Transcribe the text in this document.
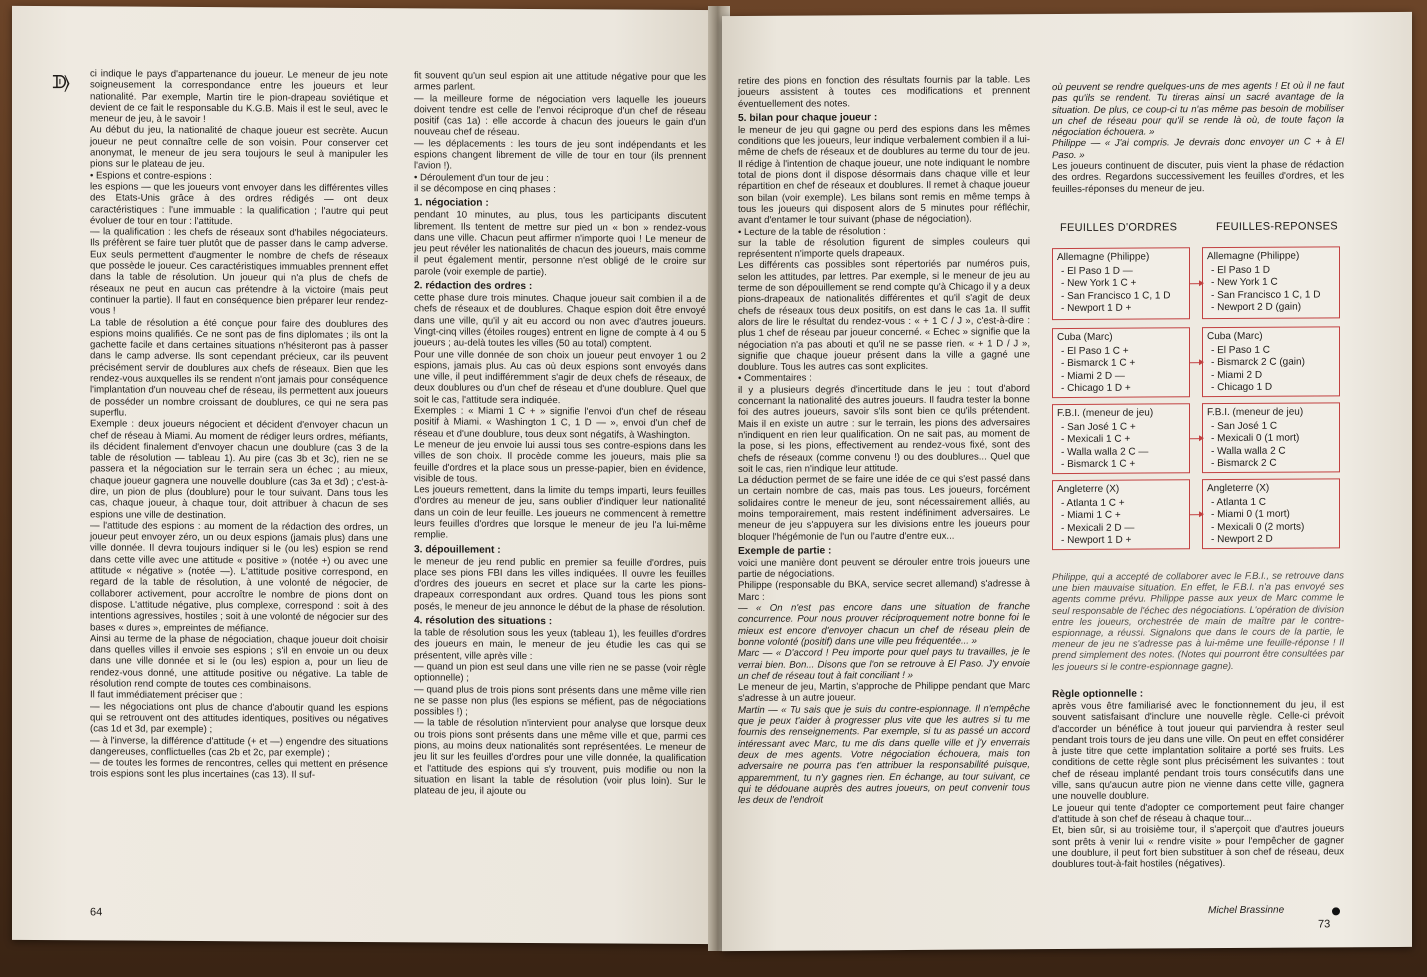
ᗫ⟩ ci indique le pays d'appartenance du joueur. Le meneur de jeu note soigneusement la correspondance entre les joueurs et leur nationalité. Par exemple, Martin tire le pion-drapeau soviétique et devient de ce fait le responsable du K.G.B. Mais il est le seul, avec le meneur de jeu, à le savoir !

Au début du jeu, la nationalité de chaque joueur est secrète. Aucun joueur ne peut connaître celle de son voisin. Pour conserver cet anonymat, le meneur de jeu sera toujours le seul à manipuler les pions sur le plateau de jeu.

• Espions et contre-espions :

les espions — que les joueurs vont envoyer dans les différentes villes des Etats-Unis grâce à des ordres rédigés — ont deux caractéristiques : l'une immuable : la qualification ; l'autre qui peut évoluer de tour en tour : l'attitude.

— la qualification : les chefs de réseaux sont d'habiles négociateurs. Ils préfèrent se faire tuer plutôt que de passer dans le camp adverse. Eux seuls permettent d'augmenter le nombre de chefs de réseaux que possède le joueur. Ces caractéristiques immuables prennent effet dans la table de résolution. Un joueur qui n'a plus de chefs de réseaux ne peut en aucun cas prétendre à la victoire (mais peut continuer la partie). Il faut en conséquence bien préparer leur rendez-vous !

La table de résolution a été conçue pour faire des doublures des espions moins qualifiés. Ce ne sont pas de fins diplomates ; ils ont la gachette facile et dans certaines situations n'hésiteront pas à passer dans le camp adverse. Ils sont cependant précieux, car ils peuvent précisément servir de doublures aux chefs de réseaux. Bien que les rendez-vous auxquelles ils se rendent n'ont jamais pour conséquence l'implantation d'un nouveau chef de réseau, ils permettent aux joueurs de posséder un nombre croissant de doublures, ce qui ne sera pas superflu.

Exemple : deux joueurs négocient et décident d'envoyer chacun un chef de réseau à Miami. Au moment de rédiger leurs ordres, méfiants, ils décident finalement d'envoyer chacun une doublure (cas 3 de la table de résolution — tableau 1). Au pire (cas 3b et 3c), rien ne se passera et la négociation sur le terrain sera un échec ; au mieux, chaque joueur gagnera une nouvelle doublure (cas 3a et 3d) ; c'est-à-dire, un pion de plus (doublure) pour le tour suivant. Dans tous les cas, chaque joueur, à chaque tour, doit attribuer à chacun de ses espions une ville de destination.

— l'attitude des espions : au moment de la rédaction des ordres, un joueur peut envoyer zéro, un ou deux espions (jamais plus) dans une ville donnée. Il devra toujours indiquer si le (ou les) espion se rend dans cette ville avec une attitude « positive » (notée +) ou avec une attitude « négative » (notée —). L'attitude positive correspond, en regard de la table de résolution, à une volonté de négocier, de collaborer activement, pour accroître le nombre de pions dont on dispose. L'attitude négative, plus complexe, correspond : soit à des intentions agressives, hostiles ; soit à une volonté de négocier sur des bases « dures », empreintes de méfiance.

Ainsi au terme de la phase de négociation, chaque joueur doit choisir dans quelles villes il envoie ses espions ; s'il en envoie un ou deux dans une ville donnée et si le (ou les) espion a, pour un lieu de rendez-vous donné, une attitude positive ou négative. La table de résolution rend compte de toutes ces combinaisons.

Il faut immédiatement préciser que :

— les négociations ont plus de chance d'aboutir quand les espions qui se retrouvent ont des attitudes identiques, positives ou négatives (cas 1d et 3d, par exemple) ;

— à l'inverse, la différence d'attitude (+ et —) engendre des situations dangereuses, conflictuelles (cas 2b et 2c, par exemple) ;

— de toutes les formes de rencontres, celles qui mettent en présence trois espions sont les plus incertaines (cas 13). Il suf-

fit souvent qu'un seul espion ait une attitude négative pour que les armes parlent.

— la meilleure forme de négociation vers laquelle les joueurs doivent tendre est celle de l'envoi réciproque d'un chef de réseau positif (cas 1a) : elle accorde à chacun des joueurs le gain d'un nouveau chef de réseau.

— les déplacements : les tours de jeu sont indépendants et les espions changent librement de ville de tour en tour (ils prennent l'avion !).

• Déroulement d'un tour de jeu :

il se décompose en cinq phases :

1. négociation :

pendant 10 minutes, au plus, tous les participants discutent librement. Ils tentent de mettre sur pied un « bon » rendez-vous dans une ville. Chacun peut affirmer n'importe quoi ! Le meneur de jeu peut révéler les nationalités de chacun des joueurs, mais comme il peut également mentir, personne n'est obligé de le croire sur parole (voir exemple de partie).

2. rédaction des ordres :

cette phase dure trois minutes. Chaque joueur sait combien il a de chefs de réseaux et de doublures. Chaque espion doit être envoyé dans une ville, qu'il y ait eu accord ou non avec d'autres joueurs. Vingt-cinq villes (étoiles rouges) entrent en ligne de compte à 4 ou 5 joueurs ; au-delà toutes les villes (50 au total) comptent.

Pour une ville donnée de son choix un joueur peut envoyer 1 ou 2 espions, jamais plus. Au cas où deux espions sont envoyés dans une ville, il peut indifféremment s'agir de deux chefs de réseaux, de deux doublures ou d'un chef de réseau et d'une doublure. Quel que soit le cas, l'attitude sera indiquée.

Exemples : « Miami 1 C + » signifie l'envoi d'un chef de réseau positif à Miami. « Washington 1 C, 1 D — », envoi d'un chef de réseau et d'une doublure, tous deux sont négatifs, à Washington.

Le meneur de jeu envoie lui aussi tous ses contre-espions dans les villes de son choix. Il procède comme les joueurs, mais plie sa feuille d'ordres et la place sous un presse-papier, bien en évidence, visible de tous.

Les joueurs remettent, dans la limite du temps imparti, leurs feuilles d'ordres au meneur de jeu, sans oublier d'indiquer leur nationalité dans un coin de leur feuille. Les joueurs ne commencent à remettre leurs feuilles d'ordres que lorsque le meneur de jeu l'a lui-même remplie.

3. dépouillement :

le meneur de jeu rend public en premier sa feuille d'ordres, puis place ses pions FBI dans les villes indiquées. Il ouvre les feuilles d'ordres des joueurs en secret et place sur la carte les pions-drapeaux correspondant aux ordres. Quand tous les pions sont posés, le meneur de jeu annonce le début de la phase de résolution.

4. résolution des situations :

la table de résolution sous les yeux (tableau 1), les feuilles d'ordres des joueurs en main, le meneur de jeu étudie les cas qui se présentent, ville après ville :

— quand un pion est seul dans une ville rien ne se passe (voir règle optionnelle) ;

— quand plus de trois pions sont présents dans une même ville rien ne se passe non plus (les espions se méfient, pas de négociations possibles !) ;

— la table de résolution n'intervient pour analyse que lorsque deux ou trois pions sont présents dans une même ville et que, parmi ces pions, au moins deux nationalités sont représentées. Le meneur de jeu lit sur les feuilles d'ordres pour une ville donnée, la qualification et l'attitude des espions qui s'y trouvent, puis modifie ou non la situation en lisant la table de résolution (voir plus loin). Sur le plateau de jeu, il ajoute ou

64

retire des pions en fonction des résultats fournis par la table. Les joueurs assistent à toutes ces modifications et prennent éventuellement des notes.

5. bilan pour chaque joueur :

le meneur de jeu qui gagne ou perd des espions dans les mêmes conditions que les joueurs, leur indique verbalement combien il a lui-même de chefs de réseaux et de doublures au terme du tour de jeu. Il rédige à l'intention de chaque joueur, une note indiquant le nombre total de pions dont il dispose désormais dans chaque ville et leur répartition en chef de réseaux et doublures. Il remet à chaque joueur son bilan (voir exemple). Les bilans sont remis en même temps à tous les joueurs qui disposent alors de 5 minutes pour réfléchir, avant d'entamer le tour suivant (phase de négociation).

• Lecture de la table de résolution :

sur la table de résolution figurent de simples couleurs qui représentent n'importe quels drapeaux.

Les différents cas possibles sont répertoriés par numéros puis, selon les attitudes, par lettres. Par exemple, si le meneur de jeu au terme de son dépouillement se rend compte qu'à Chicago il y a deux pions-drapeaux de nationalités différentes et qu'il s'agit de deux chefs de réseaux tous deux positifs, on est dans le cas 1a. Il suffit alors de lire le résultat du rendez-vous : « + 1 C / J », c'est-à-dire : plus 1 chef de réseau par joueur concerné. « Echec » signifie que la négociation n'a pas abouti et qu'il ne se passe rien. « + 1 D / J », signifie que chaque joueur présent dans la ville a gagné une doublure. Tous les autres cas sont explicites.

• Commentaires :

il y a plusieurs degrés d'incertitude dans le jeu : tout d'abord concernant la nationalité des autres joueurs. Il faudra tester la bonne foi des autres joueurs, savoir s'ils sont bien ce qu'ils prétendent. Mais il en existe un autre : sur le terrain, les pions des adversaires n'indiquent en rien leur qualification. On ne sait pas, au moment de la pose, si les pions, effectivement au rendez-vous fixé, sont des chefs de réseaux (comme convenu !) ou des doublures... Quel que soit le cas, rien n'indique leur attitude.

La déduction permet de se faire une idée de ce qui s'est passé dans un certain nombre de cas, mais pas tous. Les joueurs, forcément solidaires contre le meneur de jeu, sont nécessairement alliés, au moins temporairement, mais restent indéfiniment adversaires. Le meneur de jeu s'appuyera sur les divisions entre les joueurs pour bloquer l'hégémonie de l'un ou l'autre d'entre eux...

Exemple de partie :

voici une manière dont peuvent se dérouler entre trois joueurs une partie de négociations.

Philippe (responsable du BKA, service secret allemand) s'adresse à Marc :

— « On n'est pas encore dans une situation de franche concurrence. Pour nous prouver réciproquement notre bonne foi le mieux est encore d'envoyer chacun un chef de réseau plein de bonne volonté (positif) dans une ville peu fréquentée... »

Marc — « D'accord ! Peu importe pour quel pays tu travailles, je le verrai bien. Bon... Disons que l'on se retrouve à El Paso. J'y envoie un chef de réseau tout à fait conciliant ! »

Le meneur de jeu, Martin, s'approche de Philippe pendant que Marc s'adresse à un autre joueur.

Martin — « Tu sais que je suis du contre-espionnage. Il n'empêche que je peux t'aider à progresser plus vite que les autres si tu me fournis des renseignements. Par exemple, si tu as passé un accord intéressant avec Marc, tu me dis dans quelle ville et j'y enverrais deux de mes agents. Votre négociation échouera, mais ton adversaire ne pourra pas t'en attribuer la responsabilité puisque, apparemment, tu n'y gagnes rien. En échange, au tour suivant, ce qui te dédouane auprès des autres joueurs, on peut convenir tous les deux de l'endroit

où peuvent se rendre quelques-uns de mes agents ! Et où il ne faut pas qu'ils se rendent. Tu tireras ainsi un sacré avantage de la situation. De plus, ce coup-ci tu n'as même pas besoin de mobiliser un chef de réseau pour qu'il se rende là où, de toute façon la négociation échouera. »

Philippe — « J'ai compris. Je devrais donc envoyer un C + à El Paso. »

Les joueurs continuent de discuter, puis vient la phase de rédaction des ordres. Regardons successivement les feuilles d'ordres, et les feuilles-réponses du meneur de jeu.

FEUILLES D'ORDRES	FEUILLES-REPONSES
Allemagne (Philippe)
- El Paso 1 D —
- New York 1 C +
- San Francisco 1 C, 1 D
- Newport 1 D +
Cuba (Marc)
- El Paso 1 C +
- Bismarck 1 C +
- Miami 2 D —
- Chicago 1 D +
F.B.I. (meneur de jeu)
- San José 1 C +
- Mexicali 1 C +
- Walla walla 2 C —
- Bismarck 1 C +
Angleterre (X)
- Atlanta 1 C +
- Miami 1 C +
- Mexicali 2 D —
- Newport 1 D +
Allemagne (Philippe)
- El Paso 1 D
- New York 1 C
- San Francisco 1 C, 1 D
- Newport 2 D (gain)
Cuba (Marc)
- El Paso 1 C
- Bismarck 2 C (gain)
- Miami 2 D
- Chicago 1 D
F.B.I. (meneur de jeu)
- San José 1 C
- Mexicali 0 (1 mort)
- Walla walla 2 C
- Bismarck 2 C
Angleterre (X)
- Atlanta 1 C
- Miami 0 (1 mort)
- Mexicali 0 (2 morts)
- Newport 2 D
Philippe, qui a accepté de collaborer avec le F.B.I., se retrouve dans une bien mauvaise situation. En effet, le F.B.I. n'a pas envoyé ses agents comme prévu. Philippe passe aux yeux de Marc comme le seul responsable de l'échec des négociations. L'opération de division entre les joueurs, orchestrée de main de maître par le contre-espionnage, a réussi. Signalons que dans le cours de la partie, le meneur de jeu ne s'adresse pas à lui-même une feuille-réponse ! Il prend simplement des notes. (Notes qui pourront être consultées par les joueurs si le contre-espionnage gagne).
Règle optionnelle :

après vous être familiarisé avec le fonctionnement du jeu, il est souvent satisfaisant d'inclure une nouvelle règle. Celle-ci prévoit d'accorder un bénéfice à tout joueur qui parviendra à rester seul pendant trois tours de jeu dans une ville. On peut en effet considérer à juste titre que cette implantation solitaire a porté ses fruits. Les conditions de cette règle sont plus précisément les suivantes : tout chef de réseau implanté pendant trois tours consécutifs dans une ville, sans qu'aucun autre pion ne vienne dans cette ville, gagnera une nouvelle doublure.

Le joueur qui tente d'adopter ce comportement peut faire changer d'attitude à son chef de réseau à chaque tour...

Et, bien sûr, si au troisième tour, il s'aperçoit que d'autres joueurs sont prêts à venir lui « rendre visite » pour l'empêcher de gagner une doublure, il peut fort bien substituer à son chef de réseau, deux doublures tout-à-fait hostiles (négatives).

Michel Brassinne
73
